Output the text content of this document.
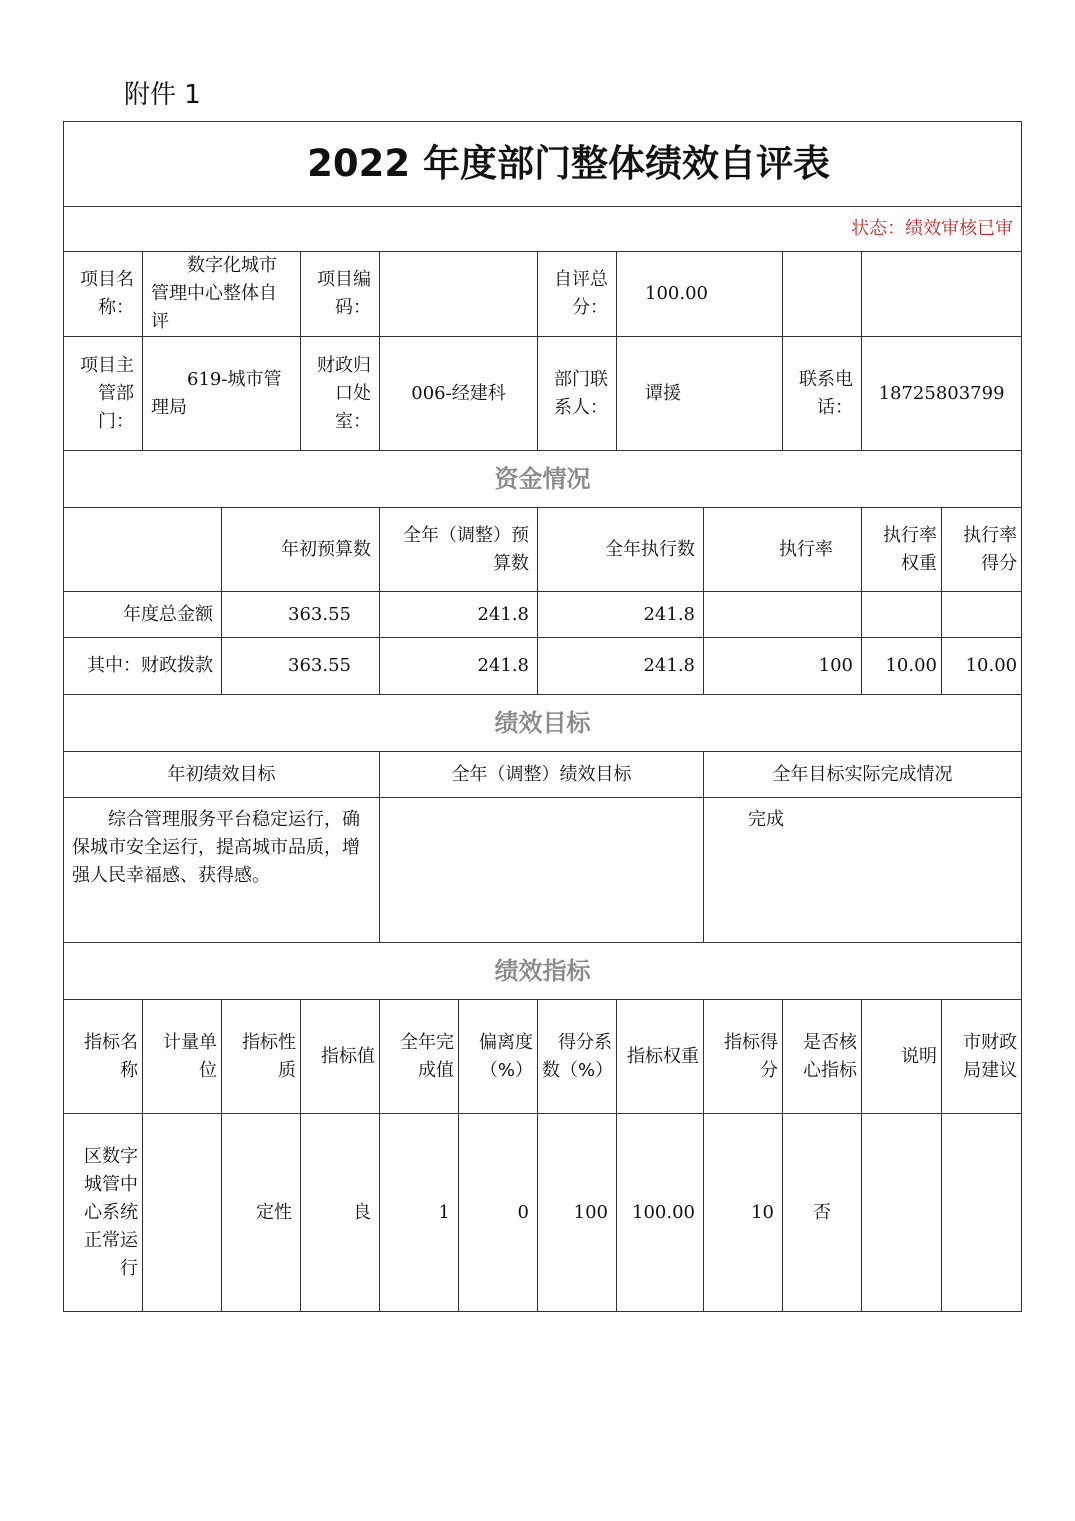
附件 1
2022 年度部门整体绩效自评表											
状态：绩效审核已审											
项目名称：	数字化城市管理中心整体自评		项目编码：			自评总分：	100.00				
项目主管部门：	619-城市管理局		财政归口处室：	006-经建科		部门联系人：	谭援		联系电话：	18725803799	
资金情况											
		年初预算数		全年（调整）预算数		全年执行数		执行率		执行率权重	执行率得分
年度总金额		363.55		241.8		241.8					
其中：财政拨款		363.55		241.8		241.8		100		10.00	10.00
绩效目标											
年初绩效目标				全年（调整）绩效目标				全年目标实际完成情况			

综合管理服务平台稳定运行，确保城市安全运行，提高城市品质，增强人民幸福感、获得感。								完成			

绩效指标											
指标名称	计量单位	指标性质	指标值	全年完成值	偏离度（%）	得分系数（%）	指标权重	指标得分	是否核心指标	说明	市财政局建议
区数字城管中心系统正常运行		定性	良	1	0	100	100.00	10	否		
